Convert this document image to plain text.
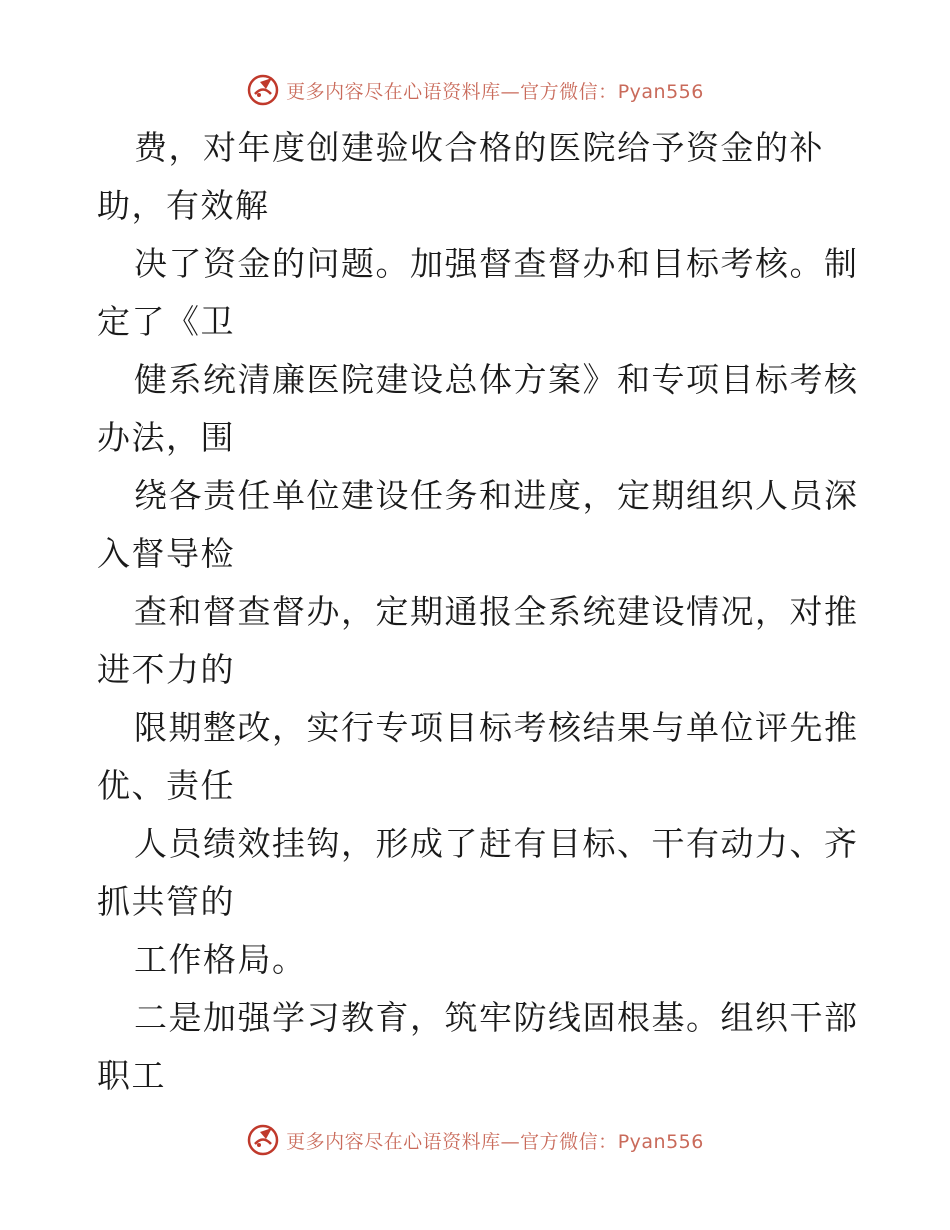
更多内容尽在心语资料库—官方微信：Pyan556
费，对年度创建验收合格的医院给予资金的补
助，有效解
决了资金的问题。加强督查督办和目标考核。制
定了《卫
健系统清廉医院建设总体方案》和专项目标考核
办法，围
绕各责任单位建设任务和进度，定期组织人员深
入督导检
查和督查督办，定期通报全系统建设情况，对推
进不力的
限期整改，实行专项目标考核结果与单位评先推
优、责任
人员绩效挂钩，形成了赶有目标、干有动力、齐
抓共管的
工作格局。
二是加强学习教育，筑牢防线固根基。组织干部
职工
更多内容尽在心语资料库—官方微信：Pyan556
